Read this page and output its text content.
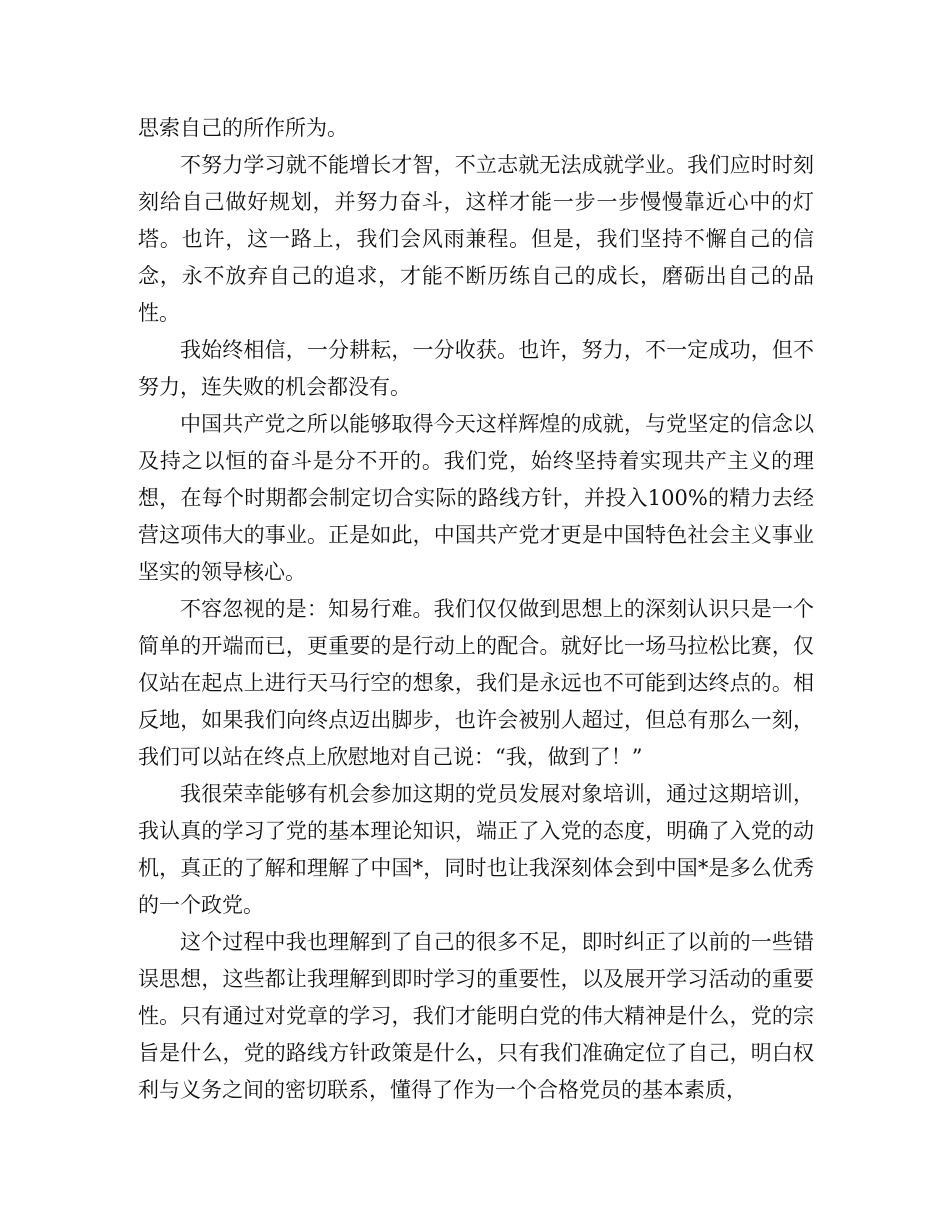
思索自己的所作所为。

不努力学习就不能增长才智，不立志就无法成就学业。我们应时时刻刻给自己做好规划，并努力奋斗，这样才能一步一步慢慢靠近心中的灯塔。也许，这一路上，我们会风雨兼程。但是，我们坚持不懈自己的信念，永不放弃自己的追求，才能不断历练自己的成长，磨砺出自己的品性。

我始终相信，一分耕耘，一分收获。也许，努力，不一定成功，但不努力，连失败的机会都没有。

中国共产党之所以能够取得今天这样辉煌的成就，与党坚定的信念以及持之以恒的奋斗是分不开的。我们党，始终坚持着实现共产主义的理想，在每个时期都会制定切合实际的路线方针，并投入100%的精力去经营这项伟大的事业。正是如此，中国共产党才更是中国特色社会主义事业坚实的领导核心。

不容忽视的是：知易行难。我们仅仅做到思想上的深刻认识只是一个简单的开端而已，更重要的是行动上的配合。就好比一场马拉松比赛，仅仅站在起点上进行天马行空的想象，我们是永远也不可能到达终点的。相反地，如果我们向终点迈出脚步，也许会被别人超过，但总有那么一刻，我们可以站在终点上欣慰地对自己说：“我，做到了！”

我很荣幸能够有机会参加这期的党员发展对象培训，通过这期培训，我认真的学习了党的基本理论知识，端正了入党的态度，明确了入党的动机，真正的了解和理解了中国*，同时也让我深刻体会到中国*是多么优秀的一个政党。

这个过程中我也理解到了自己的很多不足，即时纠正了以前的一些错误思想，这些都让我理解到即时学习的重要性，以及展开学习活动的重要性。只有通过对党章的学习，我们才能明白党的伟大精神是什么，党的宗旨是什么，党的路线方针政策是什么，只有我们准确定位了自己，明白权利与义务之间的密切联系，懂得了作为一个合格党员的基本素质，
